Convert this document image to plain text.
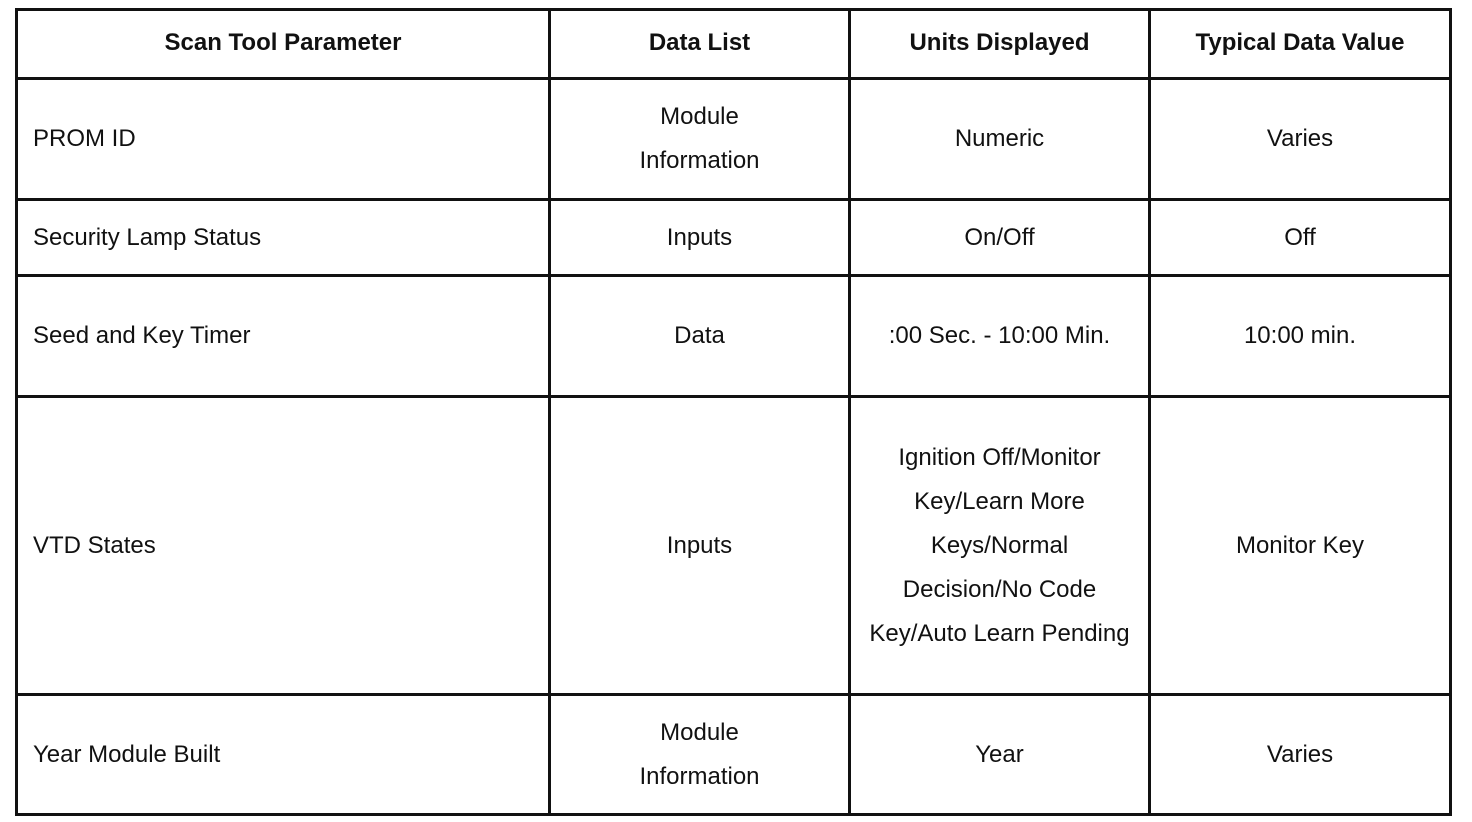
Scan Tool Parameter	Data List	Units Displayed	Typical Data Value
PROM ID	Module Information	Numeric	Varies
Security Lamp Status	Inputs	On/Off	Off
Seed and Key Timer	Data	:00 Sec. - 10:00 Min.	10:00 min.
VTD States	Inputs	Ignition Off/Monitor Key/Learn More Keys/Normal Decision/No Code Key/Auto Learn Pending	Monitor Key
Year Module Built	Module Information	Year	Varies
